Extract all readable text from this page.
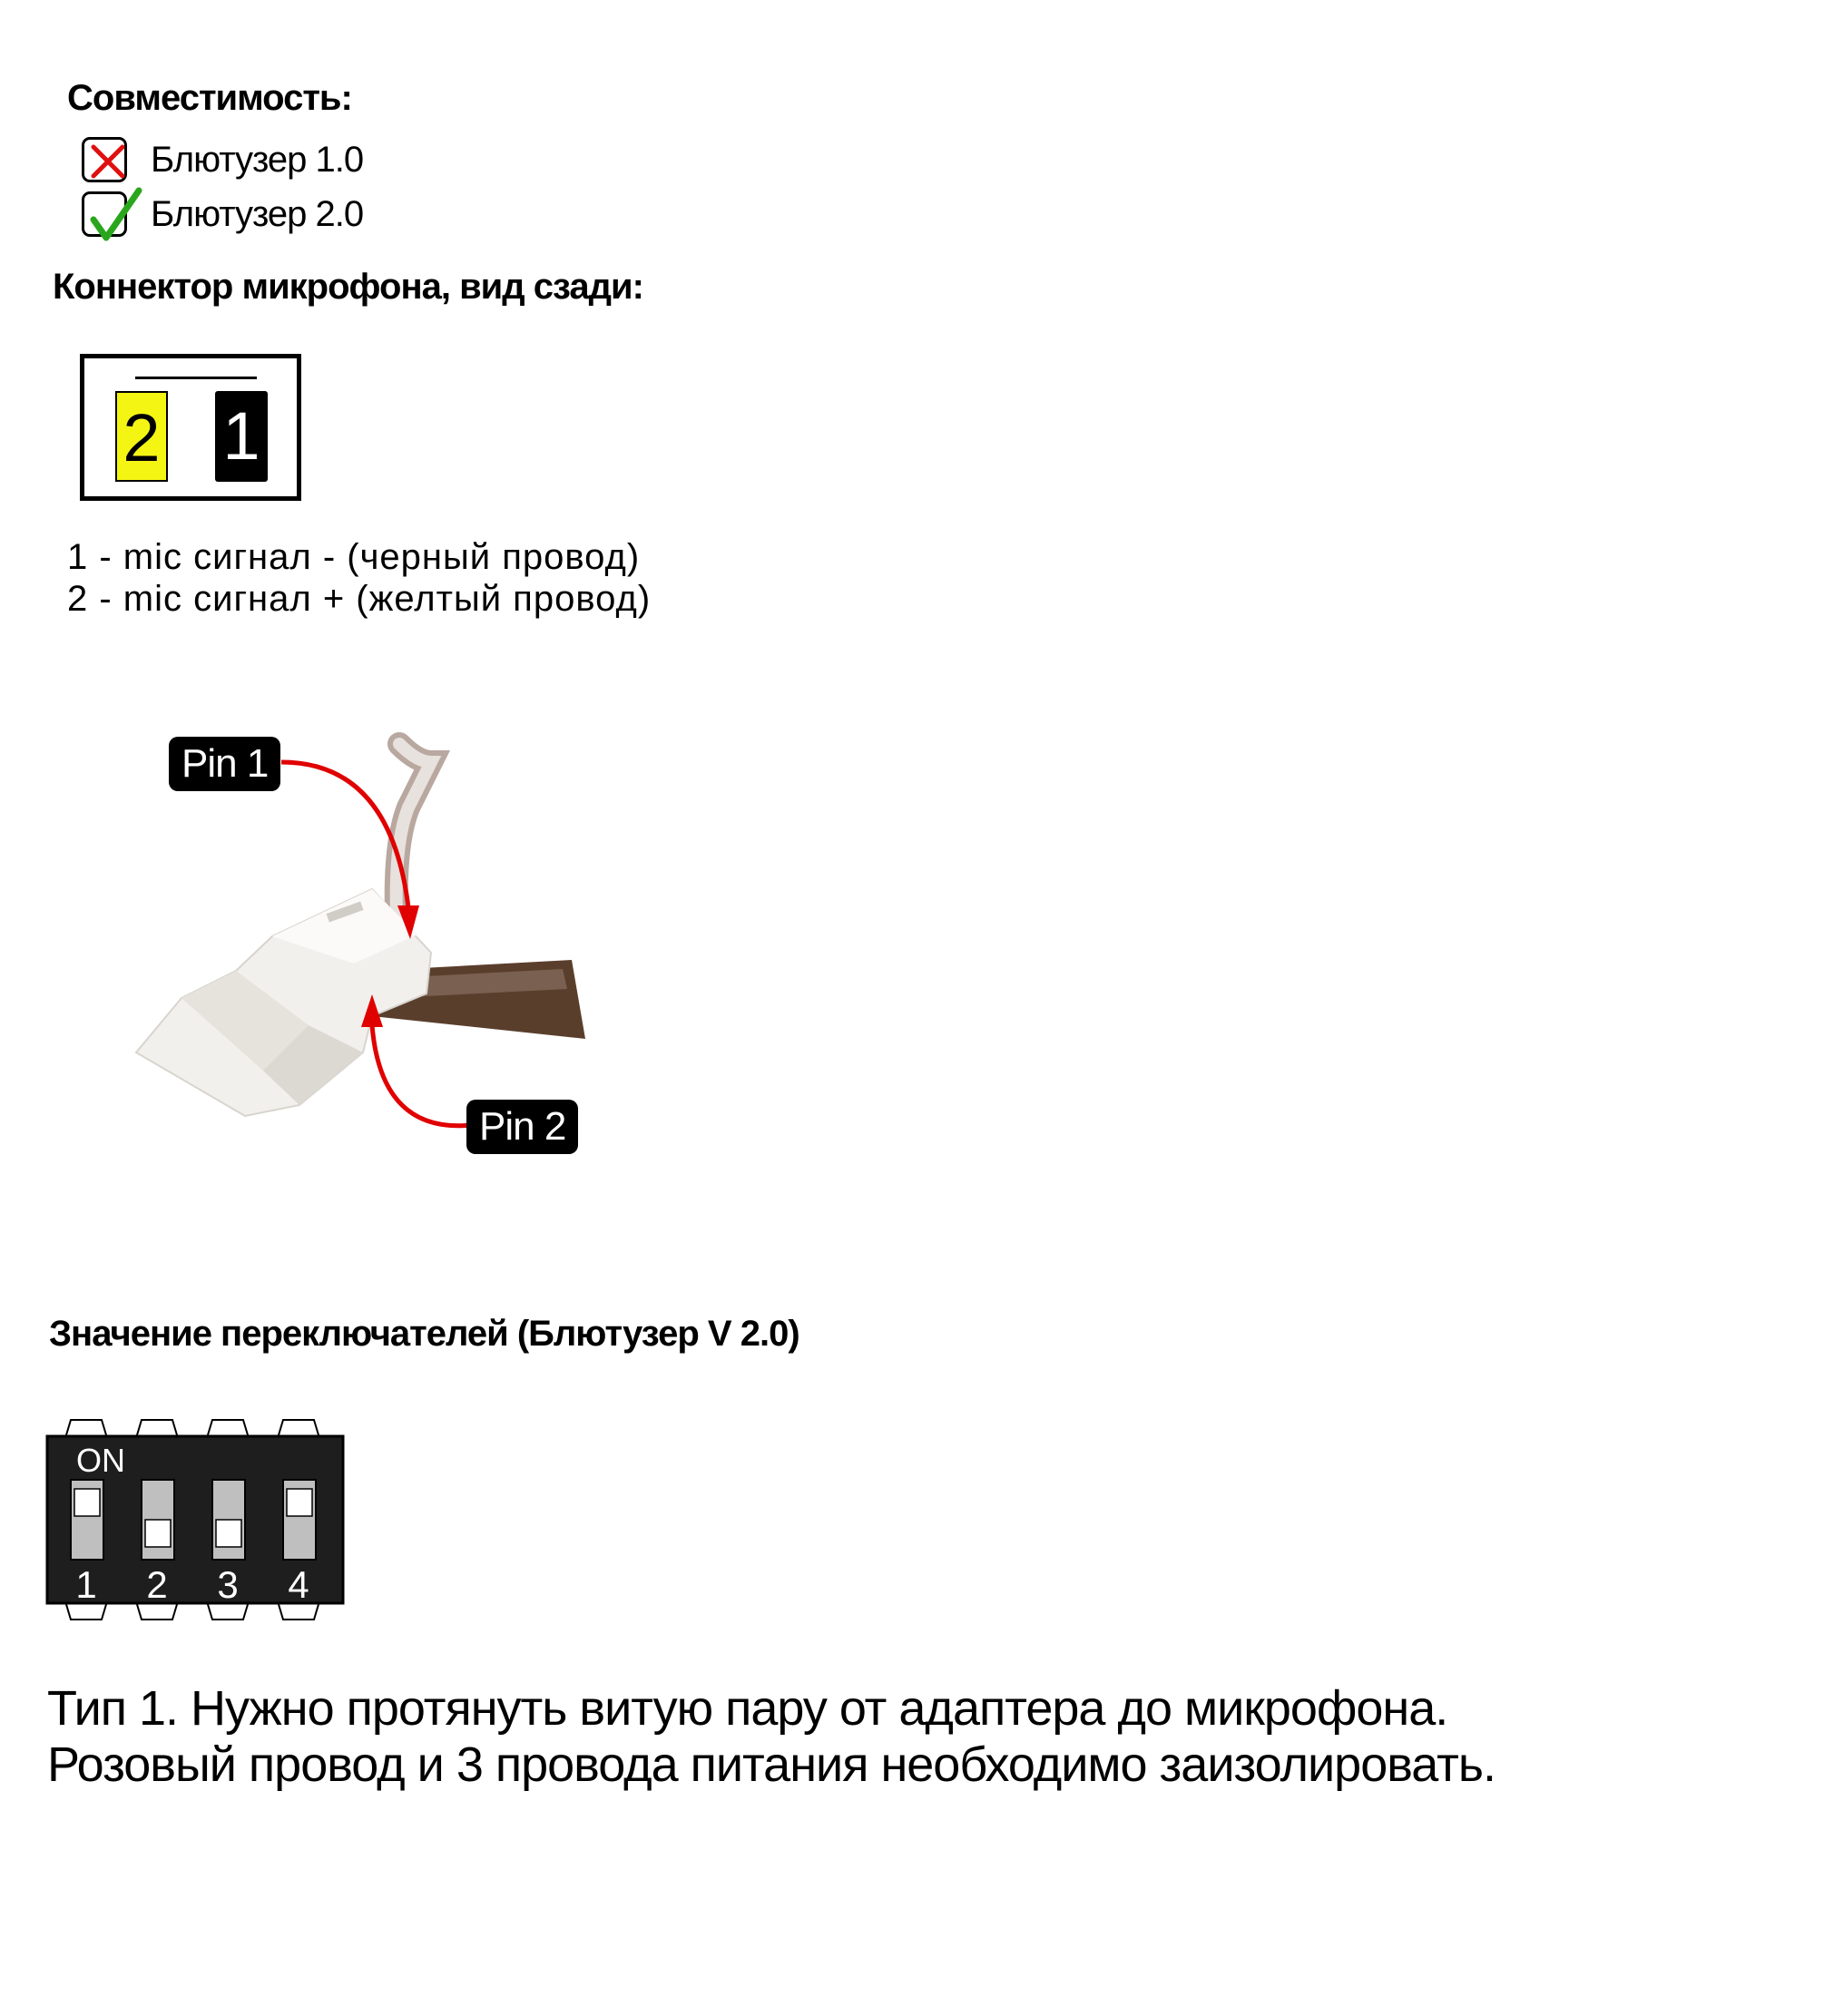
Совместимость:
Блютузер 1.0
Блютузер 2.0
Коннектор микрофона, вид сзади:
2 1
1 - mic сигнал - (черный провод)
2 - mic сигнал + (желтый провод)
Pin 1
Pin 2
Значение переключателей (Блютузер V 2.0)
ON
1 2 3 4
Тип 1. Нужно протянуть витую пару от адаптера до микрофона.
Розовый провод и 3 провода питания необходимо заизолировать.
